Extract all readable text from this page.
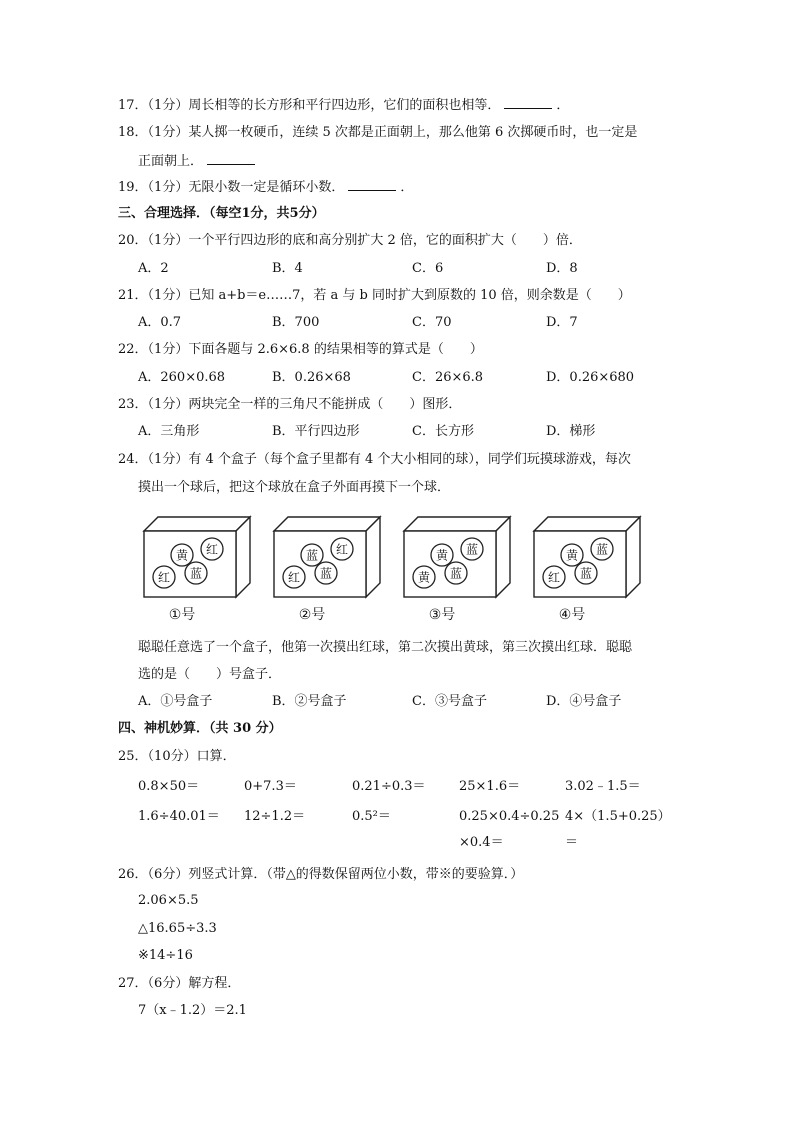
17．（1分）周长相等的长方形和平行四边形，它们的面积也相等．	．
18．（1分）某人掷一枚硬币，连续 5 次都是正面朝上，那么他第 6 次掷硬币时，也一定是
正面朝上．
19．（1分）无限小数一定是循环小数．	．
三、合理选择．（每空1分，共5分）
20．（1分）一个平行四边形的底和高分别扩大 2 倍，它的面积扩大（　　）倍．
A．2	B．4	C．6	D．8
21．（1分）已知 a+b＝e……7，若 a 与 b 同时扩大到原数的 10 倍，则余数是（　　）
A．0.7	B．700	C．70	D．7
22．（1分）下面各题与 2.6×6.8 的结果相等的算式是（　　）
A．260×0.68	B．0.26×68	C．26×6.8	D．0.26×680
23．（1分）两块完全一样的三角尺不能拼成（　　）图形．
A．三角形	B．平行四边形	C．长方形	D．梯形
24．（1分）有 4 个盒子（每个盒子里都有 4 个大小相同的球），同学们玩摸球游戏，每次
摸出一个球后，把这个球放在盒子外面再摸下一个球．
黄 红
红 蓝
①号
蓝 红
红 蓝
②号
黄 蓝
黄 蓝
③号
黄 蓝
红 蓝
④号
聪聪任意选了一个盒子，他第一次摸出红球，第二次摸出黄球，第三次摸出红球．聪聪
选的是（　　）号盒子．
A．①号盒子	B．②号盒子	C．③号盒子	D．④号盒子
四、神机妙算．（共 30 分）
25．（10分）口算．
0.8×50＝	0+7.3＝	0.21÷0.3＝	25×1.6＝	3.02﹣1.5＝
1.6÷40.01＝ 12÷1.2＝	0.5²＝	0.25×0.4÷0.25 4×（1.5+0.25）
×0.4＝	＝
26．（6分）列竖式计算．（带△的得数保留两位小数，带※的要验算．）
2.06×5.5
△16.65÷3.3
※14÷16
27．（6分）解方程．
7（x﹣1.2）＝2.1
